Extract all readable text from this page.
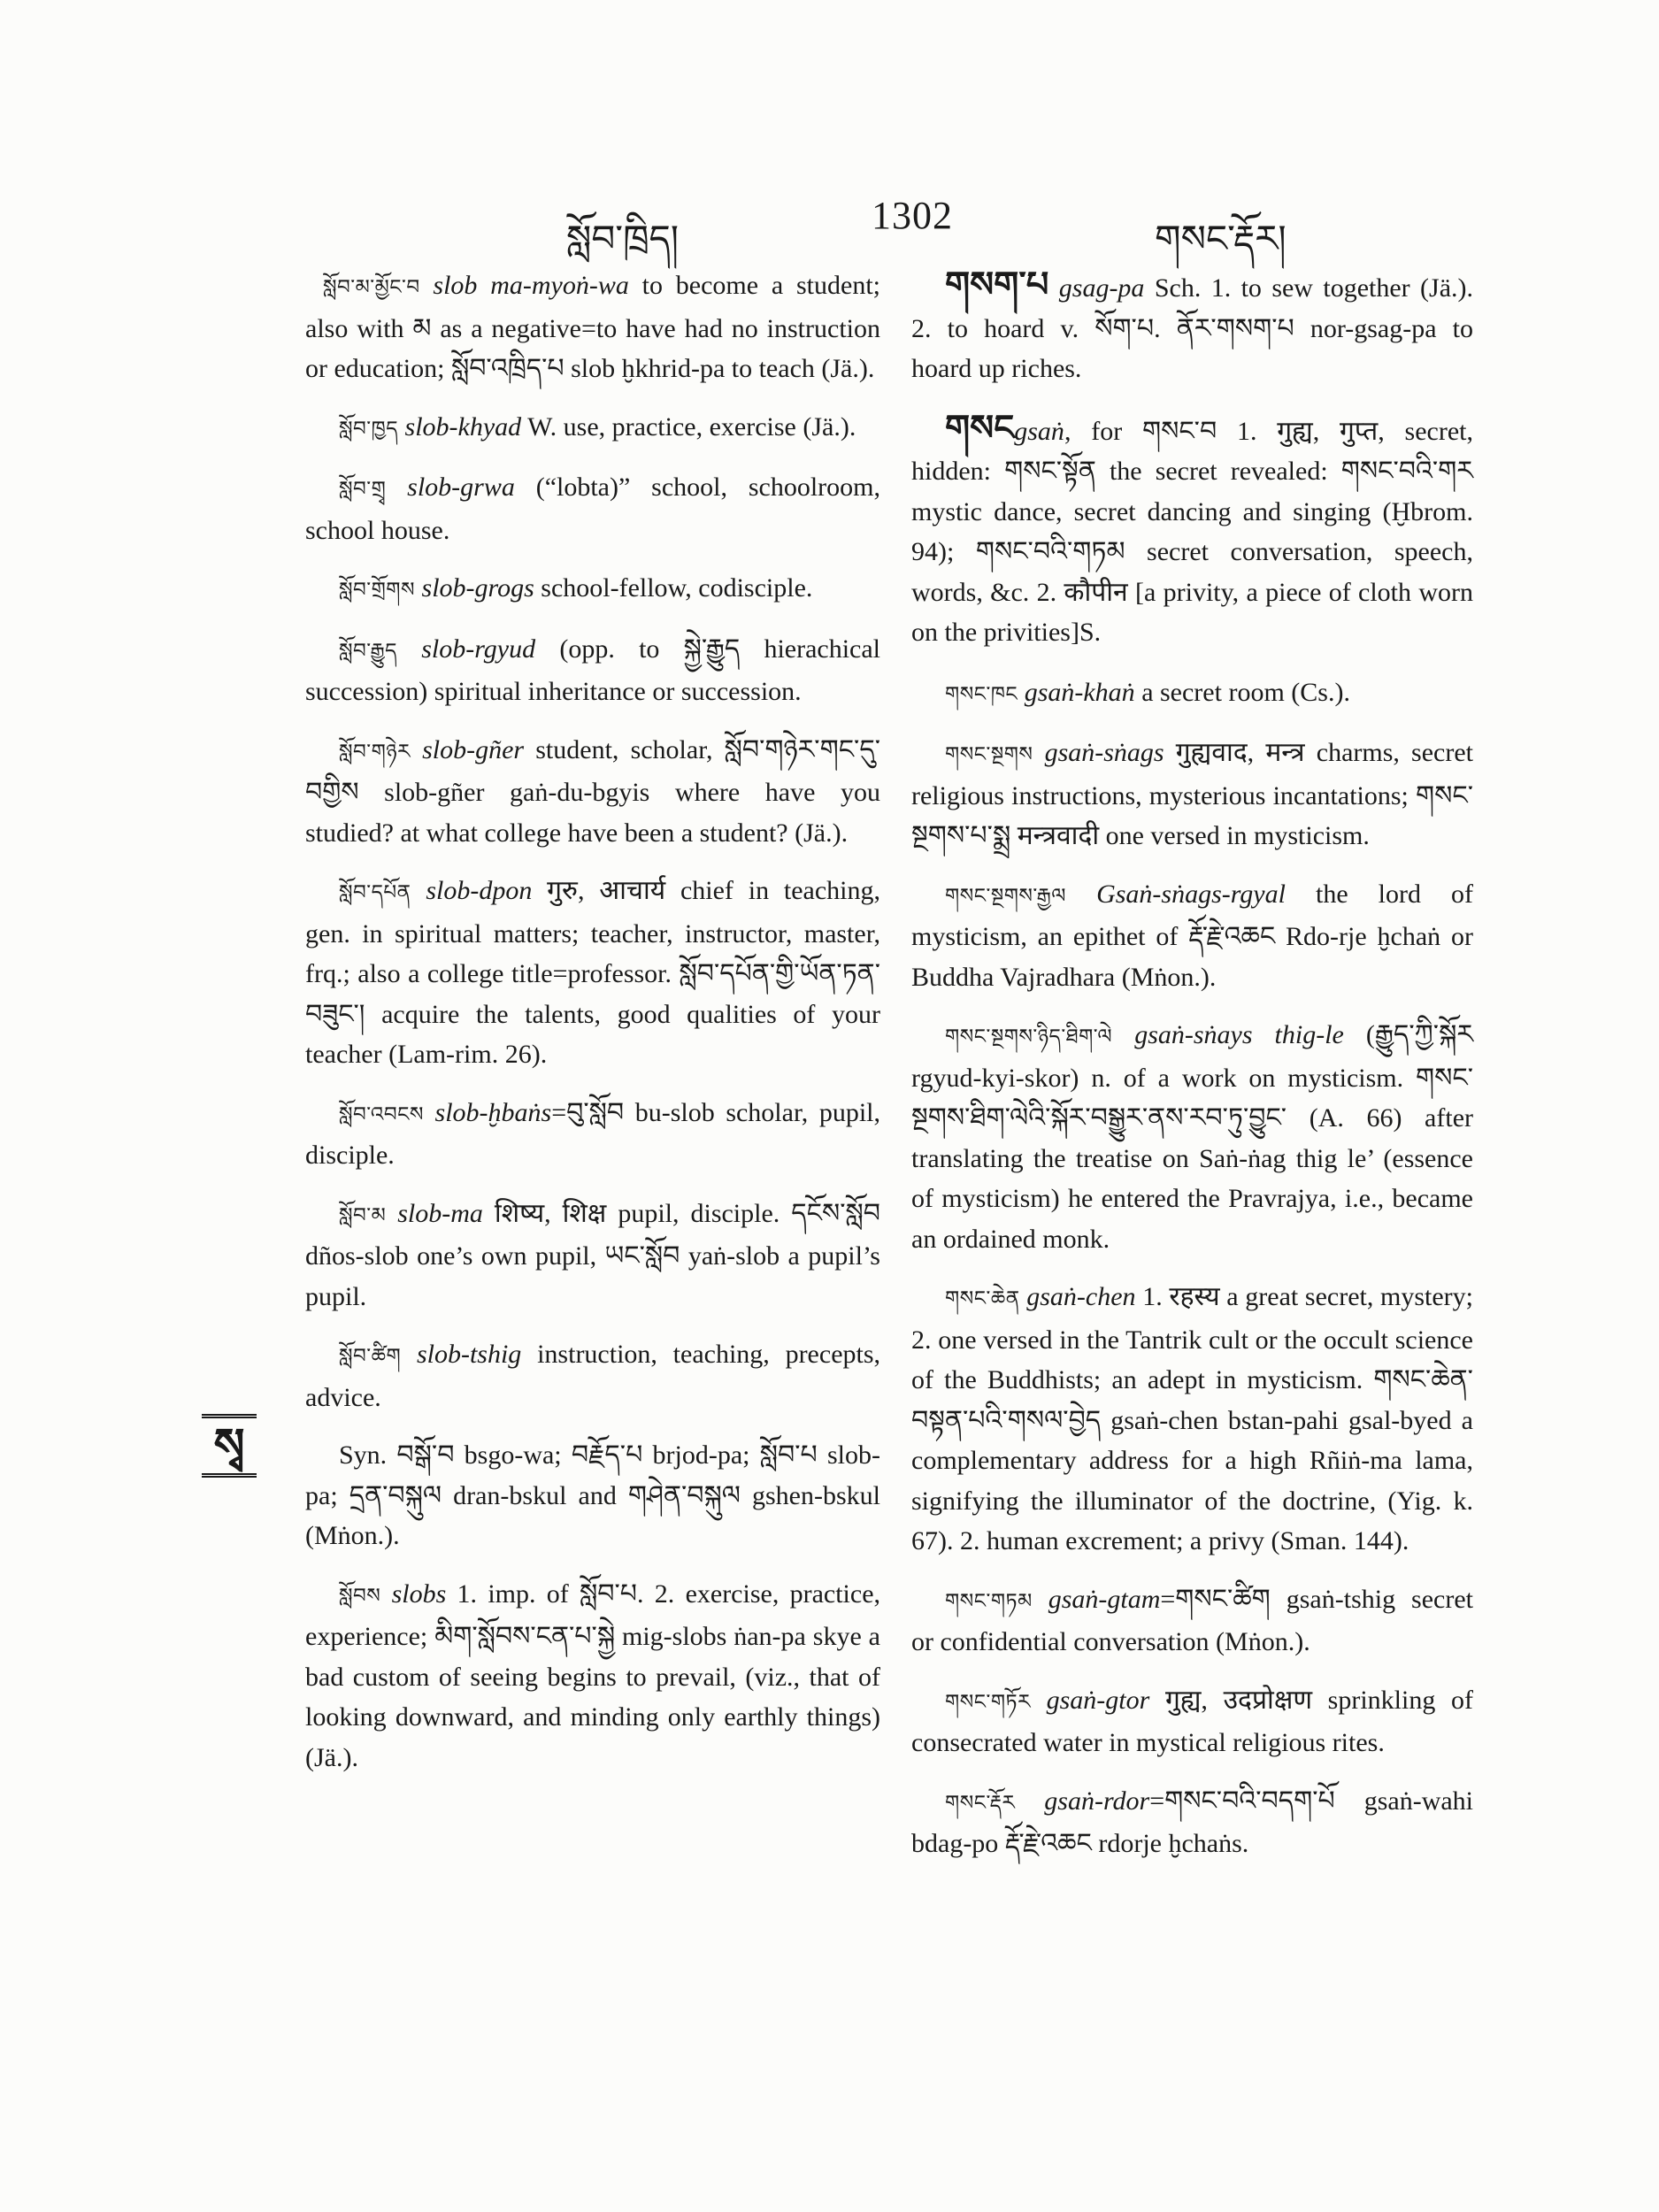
སློབ་ཁྲིད།
1302
གསང་རྡོར།
སྭ

སློབ་མ་མྱོང་བ slob ma-myoṅ-wa to become a student; also with མ as a negative=to have had no instruction or education; སློབ་འཁྲིད་པ slob ḫkhrid-pa to teach (Jä.).

སློབ་ཁྱད slob-khyad W. use, practice, exercise (Jä.).

སློབ་གྲྭ slob-grwa (“lobta)” school, schoolroom, school house.

སློབ་གྲོགས slob-grogs school-fellow, codisciple.

སློབ་རྒྱུད slob-rgyud (opp. to སྐྱེ་རྒྱུད hierachical succession) spiritual inheritance or succession.

སློབ་གཉེར slob-gñer student, scholar, སློབ་གཉེར་གང་དུ་བགྱིས slob-gñer gaṅ-du-bgyis where have you studied? at what college have been a student? (Jä.).

སློབ་དཔོན slob-dpon गुरु, आचार्य chief in teaching, gen. in spiritual matters; teacher, instructor, master, frq.; also a college title=professor. སློབ་དཔོན་གྱི་ཡོན་ཏན་བཟུང་། acquire the talents, good qualities of your teacher (Lam-rim. 26).

སློབ་འབངས slob-ḫbaṅs=བུ་སློབ bu-slob scholar, pupil, disciple.

སློབ་མ slob-ma शिष्य, शिक्ष pupil, disciple. དངོས་སློབ dños-slob one’s own pupil, ཡང་སློབ yaṅ-slob a pupil’s pupil.

སློབ་ཚིག slob-tshig instruction, teaching, precepts, advice.

Syn. བསྒོ་བ bsgo-wa; བརྗོད་པ brjod-pa; སློབ་པ slob-pa; དྲན་བསྐུལ dran-bskul and གཤེན་བསྐུལ gshen-bskul (Mṅon.).

སློབས slobs 1. imp. of སློབ་པ. 2. exercise, practice, experience; མིག་སློབས་ངན་པ་སྐྱེ mig-slobs ṅan-pa skye a bad custom of seeing begins to prevail, (viz., that of looking downward, and minding only earthly things) (Jä.).

གསག་པ gsag-pa Sch. 1. to sew together (Jä.). 2. to hoard v. སོག་པ. ནོར་གསག་པ nor-gsag-pa to hoard up riches.

གསངgsaṅ, for གསང་བ 1. गुह्य, गुप्त, secret, hidden: གསང་སྟོན the secret revealed: གསང་བའི་གར mystic dance, secret dancing and singing (Ḫbrom. 94); གསང་བའི་གཏམ secret conversation, speech, words, &c. 2. कौपीन [a privity, a piece of cloth worn on the privities]S.

གསང་ཁང gsaṅ-khaṅ a secret room (Cs.).

གསང་སྔགས gsaṅ-sṅags गुह्यवाद, मन्त्र charms, secret religious instructions, mysterious incantations; གསང་སྔགས་པ་སྨྲ मन्त्रवादी one versed in mysticism.

གསང་སྔགས་རྒྱལ Gsaṅ-sṅags-rgyal the lord of mysticism, an epithet of རྡོ་རྗེ་འཆང Rdo-rje ḫchaṅ or Buddha Vajradhara (Mṅon.).

གསང་སྔགས་ཉིད་ཐིག་ལེ gsaṅ-sṅays thig-le (རྒྱུད་ཀྱི་སྐོར rgyud-kyi-skor) n. of a work on mysticism. གསང་སྔགས་ཐིག་ལེའི་སྐོར་བསྒྱུར་ནས་རབ་ཏུ་བྱུང་ (A. 66) after translating the treatise on Saṅ-ṅag thig le’ (essence of mysticism) he entered the Pravrajya, i.e., became an ordained monk.

གསང་ཆེན gsaṅ-chen 1. रहस्य a great secret, mystery; 2. one versed in the Tantrik cult or the occult science of the Buddhists; an adept in mysticism. གསང་ཆེན་བསྟན་པའི་གསལ་བྱེད gsaṅ-chen bstan-pahi gsal-byed a complementary address for a high Rñiṅ-ma lama, signifying the illuminator of the doctrine, (Yig. k. 67). 2. human excrement; a privy (Sman. 144).

གསང་གཏམ gsaṅ-gtam=གསང་ཚིག gsaṅ-tshig secret or confidential conversation (Mṅon.).

གསང་གཏོར gsaṅ-gtor गुह्य, उदप्रोक्षण sprinkling of consecrated water in mystical religious rites.

གསང་རྡོར gsaṅ-rdor=གསང་བའི་བདག་པོ gsaṅ-wahi bdag-po རྡོ་རྗེ་འཆང rdorje ḫchaṅs.
